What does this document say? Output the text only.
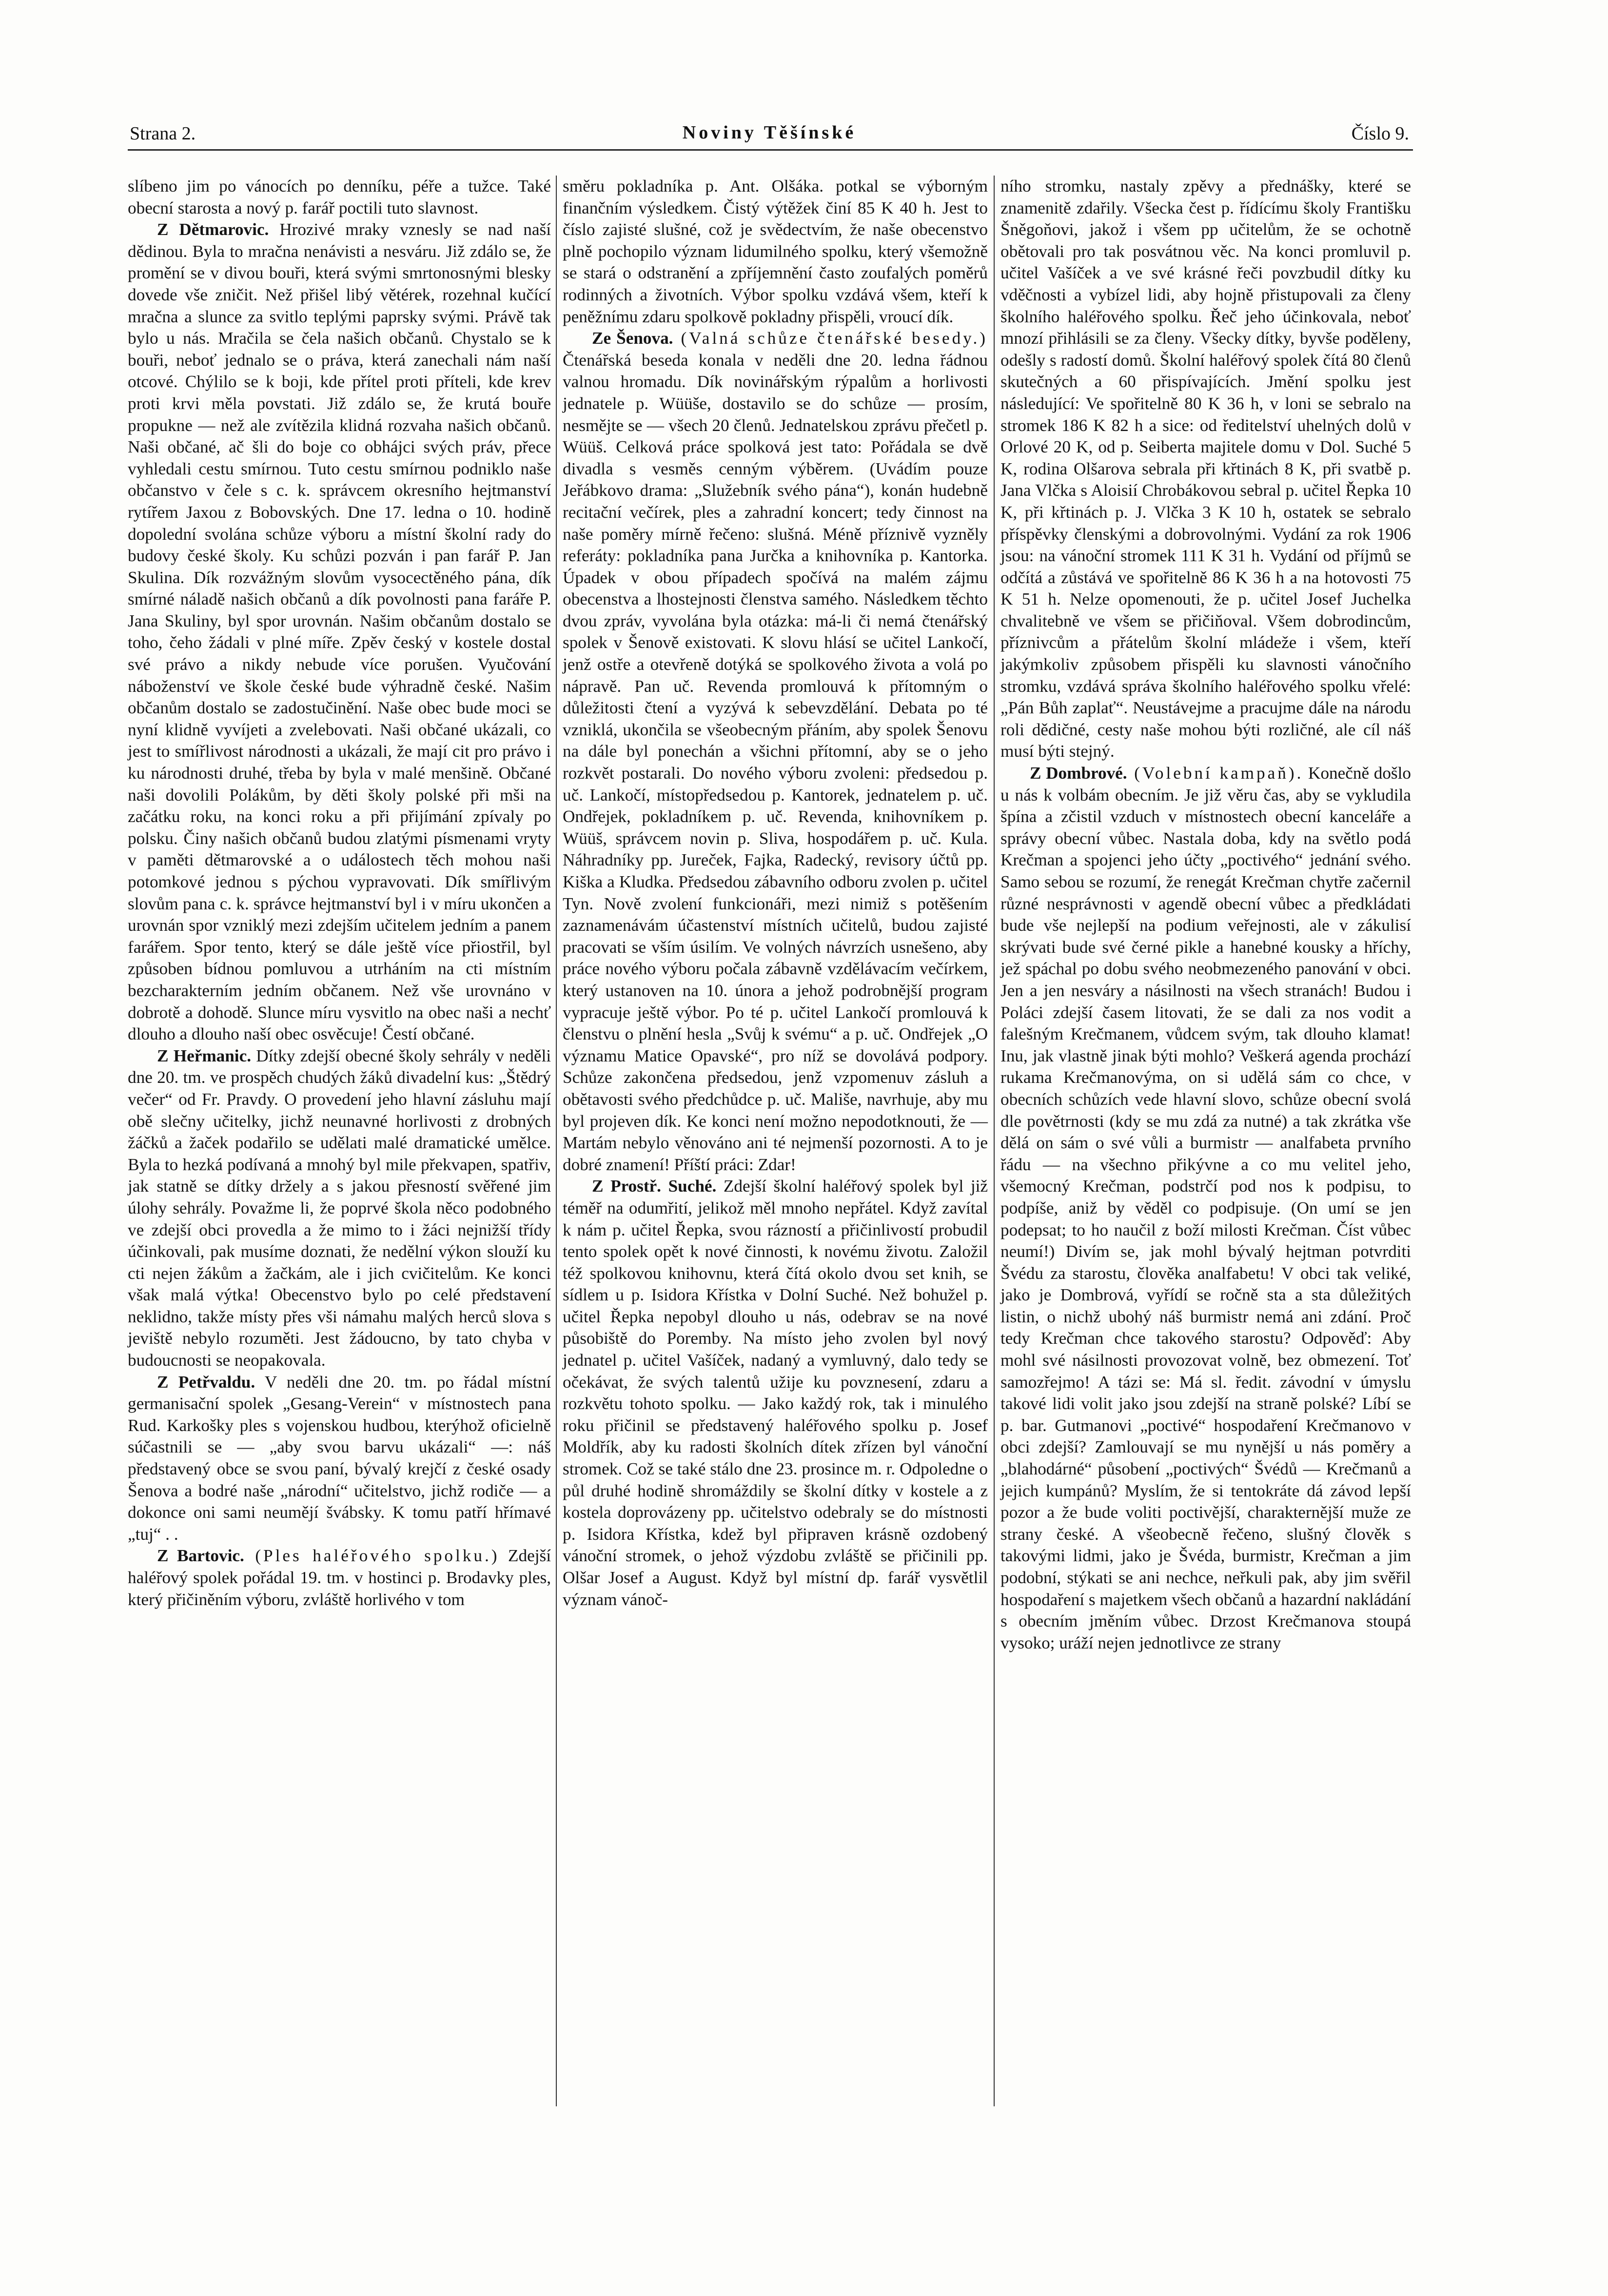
Strana 2.	Noviny Těšínské	Číslo 9.

slíbeno jim po vánocích po denníku, péře a tužce. Také obecní starosta a nový p. farář poctili tuto slavnost.

Z Dětmarovic. Hrozivé mraky vznesly se nad naší dědinou. Byla to mračna nenávisti a nesváru. Již zdálo se, že promění se v divou bouři, která svými smrtonosnými blesky dovede vše zničit. Než přišel libý větérek, rozehnal kučící mračna a slunce za svitlo teplými paprsky svými. Právě tak bylo u nás. Mračila se čela našich občanů. Chystalo se k bouři, neboť jednalo se o práva, která zanechali nám naší otcové. Chýlilo se k boji, kde přítel proti příteli, kde krev proti krvi měla povstati. Již zdálo se, že krutá bouře propukne — než ale zvítězila klidná rozvaha našich občanů. Naši občané, ač šli do boje co obhájci svých práv, přece vyhledali cestu smírnou. Tuto cestu smírnou podniklo naše občanstvo v čele s c. k. správcem okresního hejtmanství rytířem Jaxou z Bobovských. Dne 17. ledna o 10. hodině dopolední svolána schůze výboru a místní školní rady do budovy české školy. Ku schůzi pozván i pan farář P. Jan Skulina. Dík rozvážným slovům vysocectěného pána, dík smírné náladě našich občanů a dík povolnosti pana faráře P. Jana Skuliny, byl spor urovnán. Našim občanům dostalo se toho, čeho žádali v plné míře. Zpěv český v kostele dostal své právo a nikdy nebude více porušen. Vyučování náboženství ve škole české bude výhradně české. Našim občanům dostalo se zadostučinění. Naše obec bude moci se nyní klidně vyvíjeti a zvelebovati. Naši občané ukázali, co jest to smířlivost národnosti a ukázali, že mají cit pro právo i ku národnosti druhé, třeba by byla v malé menšině. Občané naši dovolili Polákům, by děti školy polské při mši na začátku roku, na konci roku a při přijímání zpívaly po polsku. Činy našich občanů budou zlatými písmenami vryty v paměti dětmarovské a o událostech těch mohou naši potomkové jednou s pýchou vypravovati. Dík smířlivým slovům pana c. k. správce hejtmanství byl i v míru ukončen a urovnán spor vzniklý mezi zdejším učitelem jedním a panem farářem. Spor tento, který se dále ještě více přiostřil, byl způsoben bídnou pomluvou a utrháním na cti místním bezcharakterním jedním občanem. Než vše urovnáno v dobrotě a dohodě. Slunce míru vysvitlo na obec naši a nechť dlouho a dlouho naší obec osvěcuje! Čestí občané.

Z Heřmanic. Dítky zdejší obecné školy sehrály v neděli dne 20. tm. ve prospěch chudých žáků divadelní kus: „Štědrý večer“ od Fr. Pravdy. O provedení jeho hlavní zásluhu mají obě slečny učitelky, jichž neunavné horlivosti z drobných žáčků a žaček podařilo se udělati malé dramatické umělce. Byla to hezká podívaná a mnohý byl mile překvapen, spatřiv, jak statně se dítky držely a s jakou přesností svěřené jim úlohy sehrály. Považme li, že poprvé škola něco podobného ve zdejší obci provedla a že mimo to i žáci nejnižší třídy účinkovali, pak musíme doznati, že nedělní výkon slouží ku cti nejen žákům a žačkám, ale i jich cvičitelům. Ke konci však malá výtka! Obecenstvo bylo po celé představení neklidno, takže místy přes vši námahu malých herců slova s jeviště nebylo rozuměti. Jest žádoucno, by tato chyba v budoucnosti se neopakovala.

Z Petřvaldu. V neděli dne 20. tm. po řádal místní germanisační spolek „Gesang-Verein“ v místnostech pana Rud. Karkošky ples s vojenskou hudbou, kterýhož oficielně súčastnili se — „aby svou barvu ukázali“ —: náš představený obce se svou paní, bývalý krejčí z české osady Šenova a bodré naše „národní“ učitelstvo, jichž rodiče — a dokonce oni sami neumějí švábsky. K tomu patří hřímavé „tuj“ . .

Z Bartovic. (Ples haléřového spolku.) Zdejší haléřový spolek pořádal 19. tm. v hostinci p. Brodavky ples, který přičiněním výboru, zvláště horlivého v tom

směru pokladníka p. Ant. Olšáka. potkal se výborným finančním výsledkem. Čistý výtěžek činí 85 K 40 h. Jest to číslo zajisté slušné, což je svědectvím, že naše obecenstvo plně pochopilo význam lidumilného spolku, který všemožně se stará o odstranění a zpříjemnění často zoufalých poměrů rodinných a životních. Výbor spolku vzdává všem, kteří k peněžnímu zdaru spolkově pokladny přispěli, vroucí dík.

Ze Šenova. (Valná schůze čtenářské besedy.) Čtenářská beseda konala v neděli dne 20. ledna řádnou valnou hromadu. Dík novinářským rýpalům a horlivosti jednatele p. Wüüše, dostavilo se do schůze — prosím, nesmějte se — všech 20 členů. Jednatelskou zprávu přečetl p. Wüüš. Celková práce spolková jest tato: Pořádala se dvě divadla s vesměs cenným výběrem. (Uvádím pouze Jeřábkovo drama: „Služebník svého pána“), konán hudebně recitační večírek, ples a zahradní koncert; tedy činnost na naše poměry mírně řečeno: slušná. Méně příznivě vyzněly referáty: pokladníka pana Jurčka a knihovníka p. Kantorka. Úpadek v obou případech spočívá na malém zájmu obecenstva a lhostejnosti členstva samého. Následkem těchto dvou zpráv, vyvolána byla otázka: má-li či nemá čtenářský spolek v Šenově existovati. K slovu hlásí se učitel Lankočí, jenž ostře a otevřeně dotýká se spolkového života a volá po nápravě. Pan uč. Revenda promlouvá k přítomným o důležitosti čtení a vyzývá k sebevzdělání. Debata po té vzniklá, ukončila se všeobecným přáním, aby spolek Šenovu na dále byl ponechán a všichni přítomní, aby se o jeho rozkvět postarali. Do nového výboru zvoleni: předsedou p. uč. Lankočí, místopředsedou p. Kantorek, jednatelem p. uč. Ondřejek, pokladníkem p. uč. Revenda, knihovníkem p. Wüüš, správcem novin p. Sliva, hospodářem p. uč. Kula. Náhradníky pp. Jureček, Fajka, Radecký, revisory účtů pp. Kiška a Kludka. Předsedou zábavního odboru zvolen p. učitel Tyn. Nově zvolení funkcionáři, mezi nimiž s potěšením zaznamenávám účastenství místních učitelů, budou zajisté pracovati se vším úsilím. Ve volných návrzích usnešeno, aby práce nového výboru počala zábavně vzdělávacím večírkem, který ustanoven na 10. února a jehož podrobnější program vypracuje ještě výbor. Po té p. učitel Lankočí promlouvá k členstvu o plnění hesla „Svůj k svému“ a p. uč. Ondřejek „O významu Matice Opavské“, pro níž se dovolává podpory. Schůze zakončena předsedou, jenž vzpomenuv zásluh a obětavosti svého předchůdce p. uč. Mališe, navrhuje, aby mu byl projeven dík. Ke konci není možno nepodotknouti, že — Martám nebylo věnováno ani té nejmenší pozornosti. A to je dobré znamení! Příští práci: Zdar!

Z Prostř. Suché. Zdejší školní haléřový spolek byl již téměř na odumřití, jelikož měl mnoho nepřátel. Když zavítal k nám p. učitel Řepka, svou rázností a přičinlivostí probudil tento spolek opět k nové činnosti, k novému životu. Založil též spolkovou knihovnu, která čítá okolo dvou set knih, se sídlem u p. Isidora Křístka v Dolní Suché. Než bohužel p. učitel Řepka nepobyl dlouho u nás, odebrav se na nové působiště do Poremby. Na místo jeho zvolen byl nový jednatel p. učitel Vašíček, nadaný a vymluvný, dalo tedy se očekávat, že svých talentů užije ku povznesení, zdaru a rozkvětu tohoto spolku. — Jako každý rok, tak i minulého roku přičinil se představený haléřového spolku p. Josef Moldřík, aby ku radosti školních dítek zřízen byl vánoční stromek. Což se také stálo dne 23. prosince m. r. Odpoledne o půl druhé hodině shromáždily se školní dítky v kostele a z kostela doprovázeny pp. učitelstvo odebraly se do místnosti p. Isidora Křístka, kdež byl připraven krásně ozdobený vánoční stromek, o jehož výzdobu zvláště se přičinili pp. Olšar Josef a August. Když byl místní dp. farář vysvětlil význam vánoč-

ního stromku, nastaly zpěvy a přednášky, které se znamenitě zdařily. Všecka čest p. řídícímu školy Františku Šněgoňovi, jakož i všem pp učitelům, že se ochotně obětovali pro tak posvátnou věc. Na konci promluvil p. učitel Vašíček a ve své krásné řeči povzbudil dítky ku vděčnosti a vybízel lidi, aby hojně přistupovali za členy školního haléřového spolku. Řeč jeho účinkovala, neboť mnozí přihlásili se za členy. Všecky dítky, byvše poděleny, odešly s radostí domů. Školní haléřový spolek čítá 80 členů skutečných a 60 přispívajících. Jmění spolku jest následující: Ve spořitelně 80 K 36 h, v loni se sebralo na stromek 186 K 82 h a sice: od ředitelství uhelných dolů v Orlové 20 K, od p. Seiberta majitele domu v Dol. Suché 5 K, rodina Olšarova sebrala při křtinách 8 K, při svatbě p. Jana Vlčka s Aloisií Chrobákovou sebral p. učitel Řepka 10 K, při křtinách p. J. Vlčka 3 K 10 h, ostatek se sebralo příspěvky členskými a dobrovolnými. Vydání za rok 1906 jsou: na vánoční stromek 111 K 31 h. Vydání od příjmů se odčítá a zůstává ve spořitelně 86 K 36 h a na hotovosti 75 K 51 h. Nelze opomenouti, že p. učitel Josef Juchelka chvalitebně ve všem se přičiňoval. Všem dobrodincům, příznivcům a přátelům školní mládeže i všem, kteří jakýmkoliv způsobem přispěli ku slavnosti vánočního stromku, vzdává správa školního haléřového spolku vřelé: „Pán Bůh zaplať“. Neustávejme a pracujme dále na národu roli dědičné, cesty naše mohou býti rozličné, ale cíl náš musí býti stejný.

Z Dombrové. (Volební kampaň). Konečně došlo u nás k volbám obecním. Je již věru čas, aby se vykludila špína a zčistil vzduch v místnostech obecní kanceláře a správy obecní vůbec. Nastala doba, kdy na světlo podá Krečman a spojenci jeho účty „poctivého“ jednání svého. Samo sebou se rozumí, že renegát Krečman chytře začernil různé nesprávnosti v agendě obecní vůbec a předkládati bude vše nejlepší na podium veřejnosti, ale v zákulisí skrývati bude své černé pikle a hanebné kousky a hříchy, jež spáchal po dobu svého neobmezeného panování v obci. Jen a jen nesváry a násilnosti na všech stranách! Budou i Poláci zdejší časem litovati, že se dali za nos vodit a falešným Krečmanem, vůdcem svým, tak dlouho klamat! Inu, jak vlastně jinak býti mohlo? Veškerá agenda prochází rukama Krečmanovýma, on si udělá sám co chce, v obecních schůzích vede hlavní slovo, schůze obecní svolá dle povětrnosti (kdy se mu zdá za nutné) a tak zkrátka vše dělá on sám o své vůli a burmistr — analfabeta prvního řádu — na všechno přikývne a co mu velitel jeho, všemocný Krečman, podstrčí pod nos k podpisu, to podpíše, aniž by věděl co podpisuje. (On umí se jen podepsat; to ho naučil z boží milosti Krečman. Číst vůbec neumí!) Divím se, jak mohl bývalý hejtman potvrditi Švédu za starostu, člověka analfabetu! V obci tak veliké, jako je Dombrová, vyřídí se ročně sta a sta důležitých listin, o nichž ubohý náš burmistr nemá ani zdání. Proč tedy Krečman chce takového starostu? Odpověď: Aby mohl své násilnosti provozovat volně, bez obmezení. Toť samozřejmo! A tázi se: Má sl. ředit. závodní v úmyslu takové lidi volit jako jsou zdejší na straně polské? Líbí se p. bar. Gutmanovi „poctivé“ hospodaření Krečmanovo v obci zdejší? Zamlouvají se mu nynější u nás poměry a „blahodárné“ působení „poctivých“ Švédů — Krečmanů a jejich kumpánů? Myslím, že si tentokráte dá závod lepší pozor a že bude voliti poctivější, charakternější muže ze strany české. A všeobecně řečeno, slušný člověk s takovými lidmi, jako je Švéda, burmistr, Krečman a jim podobní, stýkati se ani nechce, neřkuli pak, aby jim svěřil hospodaření s majetkem všech občanů a hazardní nakládání s obecním jměním vůbec. Drzost Krečmanova stoupá vysoko; uráží nejen jednotlivce ze strany
